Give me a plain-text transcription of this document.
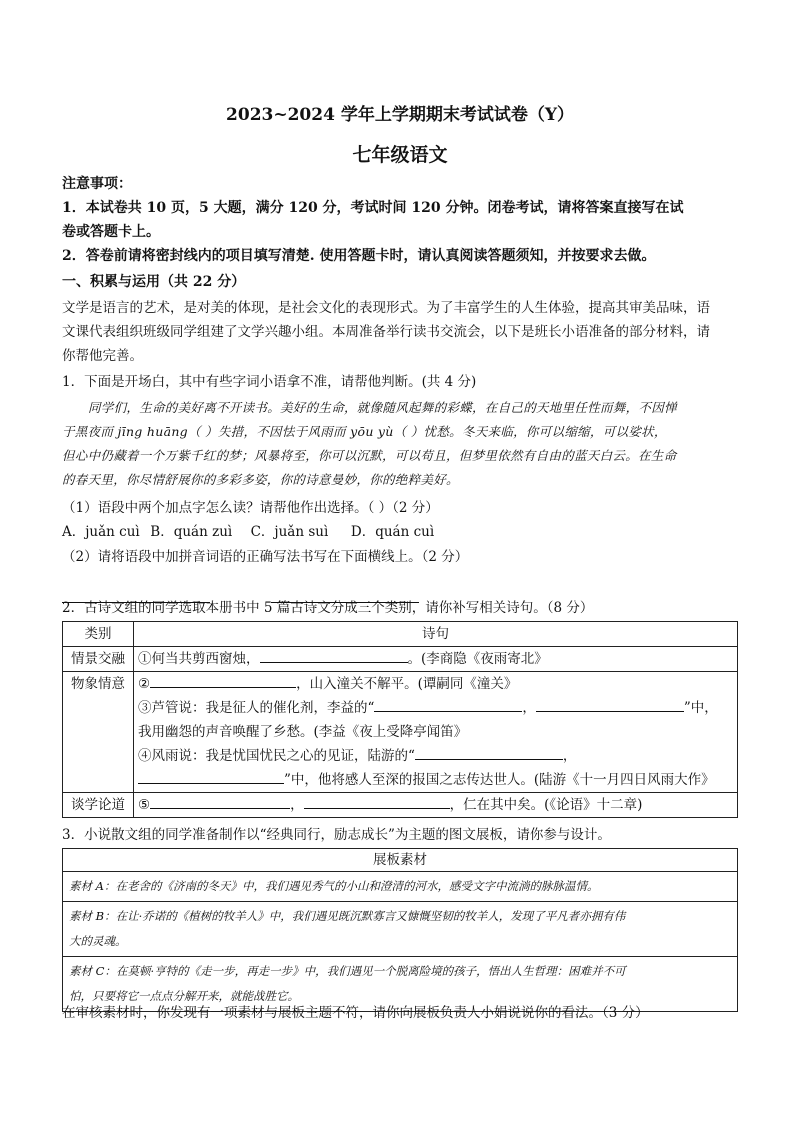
2023~2024 学年上学期期末考试试卷（Y）
七年级语文
注意事项：
1．本试卷共 10 页，5 大题，满分 120 分，考试时间 120 分钟。闭卷考试，请将答案直接写在试
卷或答题卡上。
2．答卷前请将密封线内的项目填写清楚. 使用答题卡时，请认真阅读答题须知，并按要求去做。
一、积累与运用（共 22 分）
文学是语言的艺术，是对美的体现，是社会文化的表现形式。为了丰富学生的人生体验，提高其审美品味，语
文课代表组织班级同学组建了文学兴趣小组。本周准备举行读书交流会，以下是班长小语准备的部分材料，请
你帮他完善。
1．下面是开场白，其中有些字词小语拿不准，请帮他判断。(共 4 分)
同学们，生命的美好离不开读书。美好的生命，就像随风起舞的彩蝶，在自己的天地里任性而舞，不因惮
于黑夜而 jīng huāng（ ）失措，不因怯于风雨而 yōu yù（ ）忧愁。冬天来临，你可以缩缩，可以娑状，
但心中仍藏着一个万紫千红的梦；风暴将至，你可以沉默，可以苟且，但梦里依然有自由的蓝天白云。在生命
的春天里，你尽情舒展你的多彩多姿，你的诗意曼妙，你的绝粹美好。
（1）语段中两个加点字怎么读？请帮他作出选择。（ ）（2 分）
A．juǎn cuì B．quán zuì C．juǎn suì D．quán cuì
（2）请将语段中加拼音词语的正确写法书写在下面横线上。（2 分）

2．古诗文组的同学选取本册书中 5 篇古诗文分成三个类别，请你补写相关诗句。（8 分）
类别	诗句
情景交融	①何当共剪西窗烛， 。(李商隐《夜雨寄北》
物象情意	② ，山入潼关不解平。(谭嗣同《潼关》
③芦管说：我是征人的催化剂，李益的“ ， ”中，
我用幽怨的声音唤醒了乡愁。(李益《夜上受降亭闻笛》
④风雨说：我是忧国忧民之心的见证，陆游的“ ，
”中，他将感人至深的报国之志传达世人。(陆游《十一月四日风雨大作》

谈学论道	⑤ ， ，仁在其中矣。(《论语》十二章)
3．小说散文组的同学准备制作以“经典同行，励志成长”为主题的图文展板，请你参与设计。
展板素材
素材 A：在老舍的《济南的冬天》中，我们遇见秀气的小山和澄清的河水，感受文字中流淌的脉脉温情。

素材 B：在让·乔诺的《植树的牧羊人》中，我们遇见既沉默寡言又慷慨坚韧的牧羊人，发现了平凡者亦拥有伟
大的灵魂。

素材 C：在莫顿·亨特的《走一步，再走一步》中，我们遇见一个脱离险境的孩子，悟出人生哲理：困难并不可
怕，只要将它一点点分解开来，就能战胜它。
在审核素材时，你发现有一项素材与展板主题不符，请你向展板负责人小娟说说你的看法。（3 分）
